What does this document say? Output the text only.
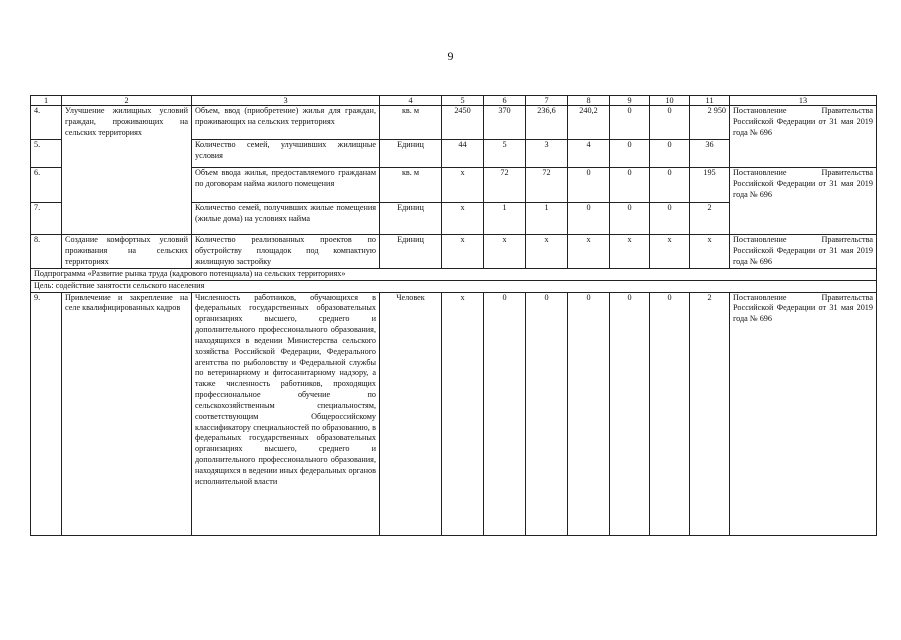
9
1	2	3	4	5	6	7	8	9	10	11	13
4.	Улучшение жилищных условий граждан, проживающих на сельских территориях	Объем, ввод (приобретение) жилья для граждан, проживающих на сельских территориях	кв. м	2450	370	236,6	240,2	0	0	2 950	Постановление Правительства Российской Федерации от 31 мая 2019 года № 696
5.		Количество семей, улучшивших жилищные условия	Единиц	44	5	3	4	0	0	36	
6.		Объем ввода жилья, предоставляемого гражданам по договорам найма жилого помещения	кв. м	х	72	72	0	0	0	195	Постановление Правительства Российской Федерации от 31 мая 2019 года № 696
7.		Количество семей, получивших жилые помещения (жилые дома) на условиях найма	Единиц	х	1	1	0	0	0	2	
8.	Создание комфортных условий проживания на сельских территориях	Количество реализованных проектов по обустройству площадок под компактную жилищную застройку	Единиц	х	х	х	х	х	х	х	Постановление Правительства Российской Федерации от 31 мая 2019 года № 696
Подпрограмма «Развитие рынка труда (кадрового потенциала) на сельских территориях»											
Цель: содействие занятости сельского населения											
9.	Привлечение и закрепление на селе квалифицированных кадров	Численность работников, обучающихся в федеральных государственных образовательных организациях высшего, среднего и дополнительного профессионального образования, находящихся в ведении Министерства сельского хозяйства Российской Федерации, Федерального агентства по рыболовству и Федеральной службы по ветеринарному и фитосанитарному надзору, а также численность работников, проходящих профессиональное обучение по сельскохозяйственным специальностям, соответствующим Общероссийскому классификатору специальностей по образованию, в федеральных государственных образовательных организациях высшего, среднего и дополнительного профессионального образования, находящихся в ведении иных федеральных органов исполнительной власти	Человек	х	0	0	0	0	0	2	Постановление Правительства Российской Федерации от 31 мая 2019 года № 696
